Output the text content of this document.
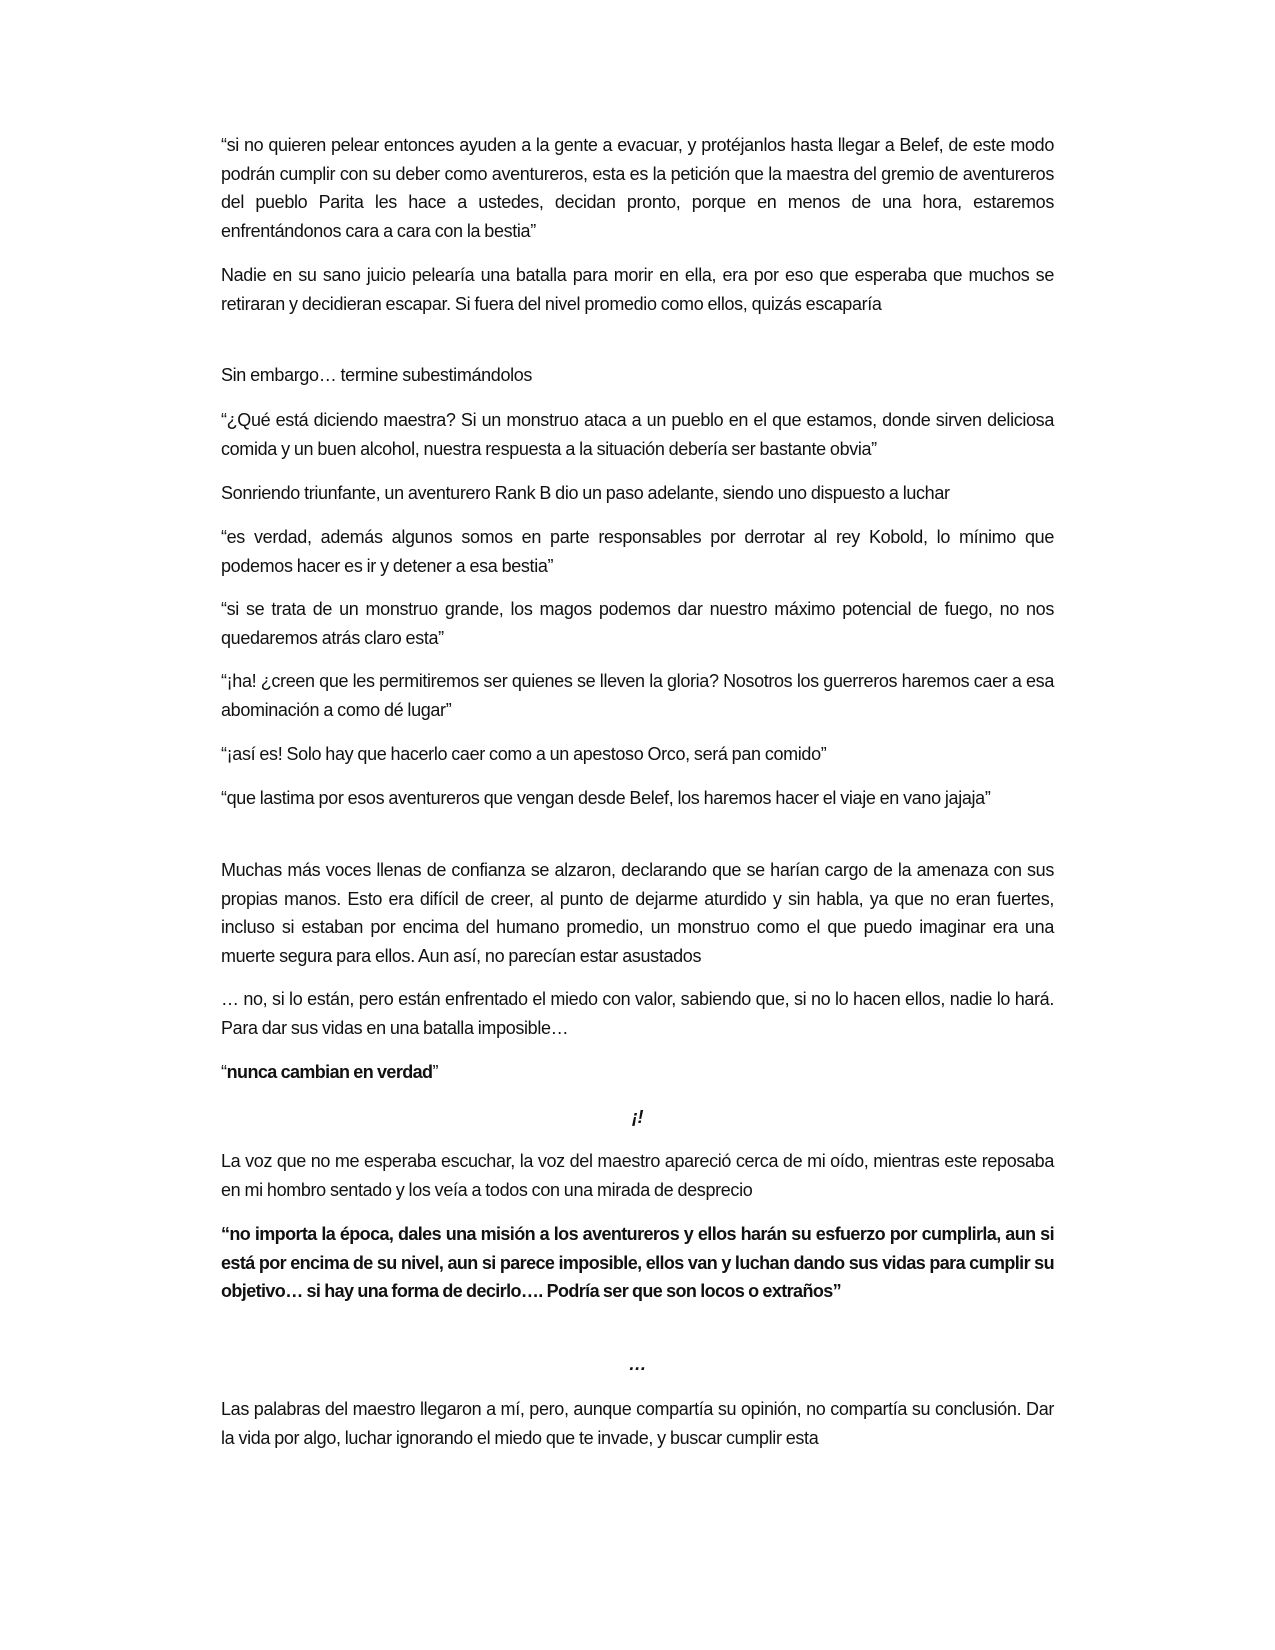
“si no quieren pelear entonces ayuden a la gente a evacuar, y protéjanlos hasta llegar a Belef, de este modo podrán cumplir con su deber como aventureros, esta es la petición que la maestra del gremio de aventureros del pueblo Parita les hace a ustedes, decidan pronto, porque en menos de una hora, estaremos enfrentándonos cara a cara con la bestia”

Nadie en su sano juicio pelearía una batalla para morir en ella, era por eso que esperaba que muchos se retiraran y decidieran escapar. Si fuera del nivel promedio como ellos, quizás escaparía

Sin embargo… termine subestimándolos

“¿Qué está diciendo maestra? Si un monstruo ataca a un pueblo en el que estamos, donde sirven deliciosa comida y un buen alcohol, nuestra respuesta a la situación debería ser bastante obvia”

Sonriendo triunfante, un aventurero Rank B dio un paso adelante, siendo uno dispuesto a luchar

“es verdad, además algunos somos en parte responsables por derrotar al rey Kobold, lo mínimo que podemos hacer es ir y detener a esa bestia”

“si se trata de un monstruo grande, los magos podemos dar nuestro máximo potencial de fuego, no nos quedaremos atrás claro esta”

“¡ha! ¿creen que les permitiremos ser quienes se lleven la gloria? Nosotros los guerreros haremos caer a esa abominación a como dé lugar”

“¡así es! Solo hay que hacerlo caer como a un apestoso Orco, será pan comido”

“que lastima por esos aventureros que vengan desde Belef, los haremos hacer el viaje en vano jajaja”

Muchas más voces llenas de confianza se alzaron, declarando que se harían cargo de la amenaza con sus propias manos. Esto era difícil de creer, al punto de dejarme aturdido y sin habla, ya que no eran fuertes, incluso si estaban por encima del humano promedio, un monstruo como el que puedo imaginar era una muerte segura para ellos. Aun así, no parecían estar asustados

… no, si lo están, pero están enfrentado el miedo con valor, sabiendo que, si no lo hacen ellos, nadie lo hará. Para dar sus vidas en una batalla imposible…

“nunca cambian en verdad”

¡!

La voz que no me esperaba escuchar, la voz del maestro apareció cerca de mi oído, mientras este reposaba en mi hombro sentado y los veía a todos con una mirada de desprecio

“no importa la época, dales una misión a los aventureros y ellos harán su esfuerzo por cumplirla, aun si está por encima de su nivel, aun si parece imposible, ellos van y luchan dando sus vidas para cumplir su objetivo… si hay una forma de decirlo…. Podría ser que son locos o extraños”

…

Las palabras del maestro llegaron a mí, pero, aunque compartía su opinión, no compartía su conclusión. Dar la vida por algo, luchar ignorando el miedo que te invade, y buscar cumplir esta
